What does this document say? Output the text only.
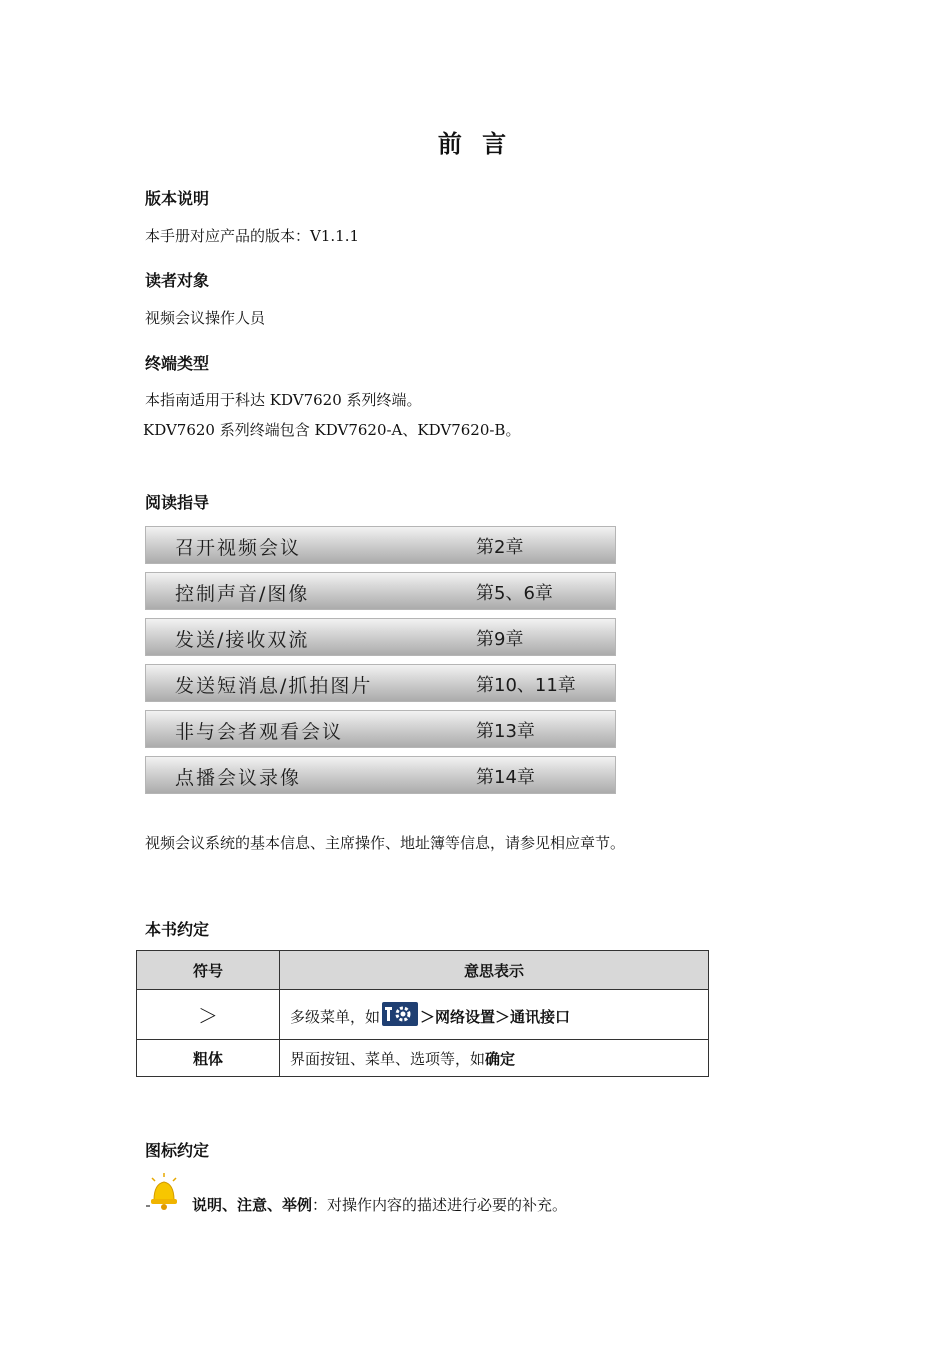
前 言
版本说明
本手册对应产品的版本：V1.1.1
读者对象
视频会议操作人员
终端类型
本指南适用于科达 KDV7620 系列终端。
KDV7620 系列终端包含 KDV7620-A、KDV7620-B。
阅读指导
召开视频会议	第2章
控制声音/图像	第5、6章
发送/接收双流	第9章
发送短消息/抓拍图片	第10、11章
非与会者观看会议	第13章
点播会议录像	第14章
视频会议系统的基本信息、主席操作、地址簿等信息，请参见相应章节。
本书约定
符号	意思表示
＞	多级菜单，如 ＞网络设置＞通讯接口
粗体	界面按钮、菜单、选项等，如确定
图标约定
说明、注意、举例：对操作内容的描述进行必要的补充。
